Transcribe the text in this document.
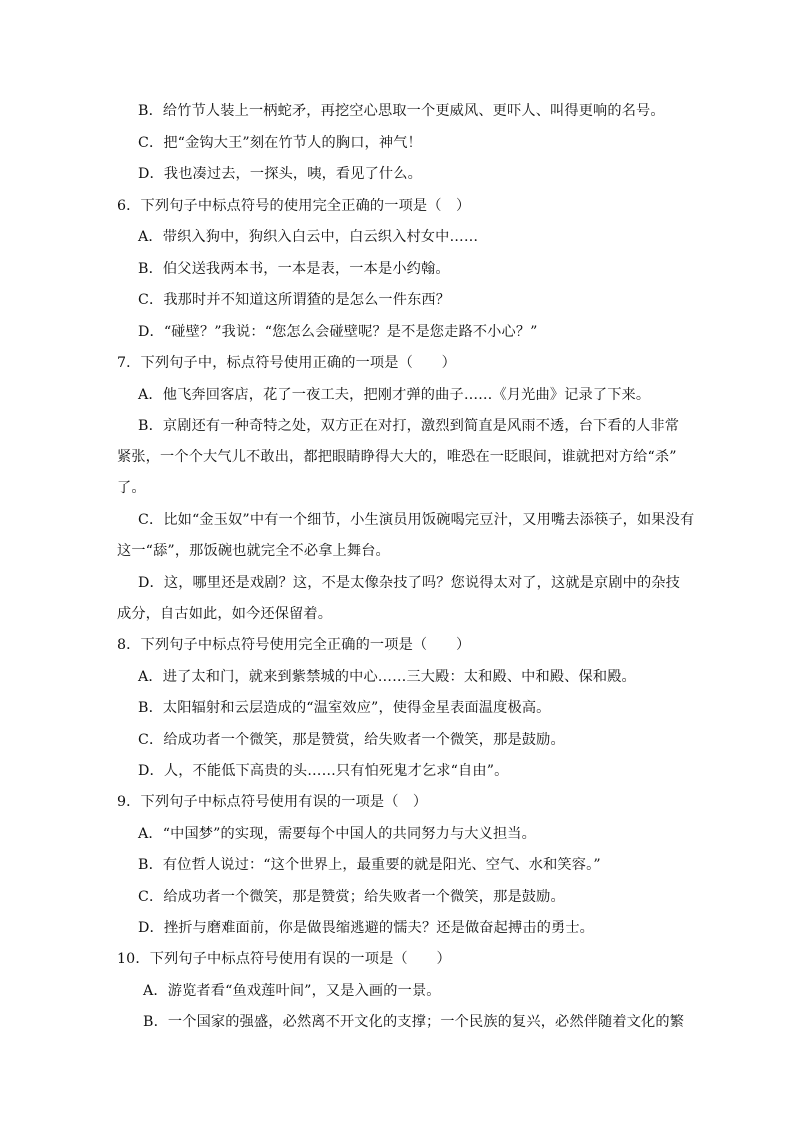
B．给竹节人装上一柄蛇矛，再挖空心思取一个更威风、更吓人、叫得更响的名号。
C．把“金钩大王”刻在竹节人的胸口，神气！
D．我也凑过去，一探头，咦，看见了什么。
6．下列句子中标点符号的使用完全正确的一项是（　）
A．带织入狗中，狗织入白云中，白云织入村女中……
B．伯父送我两本书，一本是表，一本是小约翰。
C．我那时并不知道这所谓猹的是怎么一件东西？
D．“碰壁？”我说：“您怎么会碰壁呢？是不是您走路不小心？”
7．下列句子中，标点符号使用正确的一项是（　　）
A．他飞奔回客店，花了一夜工夫，把刚才弹的曲子……《月光曲》记录了下来。
B．京剧还有一种奇特之处，双方正在对打，激烈到简直是风雨不透，台下看的人非常
紧张，一个个大气儿不敢出，都把眼睛睁得大大的，唯恐在一眨眼间，谁就把对方给“杀”
了。
C．比如“金玉奴”中有一个细节，小生演员用饭碗喝完豆汁，又用嘴去添筷子，如果没有
这一“舔”，那饭碗也就完全不必拿上舞台。
D．这，哪里还是戏剧？这，不是太像杂技了吗？您说得太对了，这就是京剧中的杂技
成分，自古如此，如今还保留着。
8．下列句子中标点符号使用完全正确的一项是（　　）
A．进了太和门，就来到紫禁城的中心……三大殿：太和殿、中和殿、保和殿。
B．太阳辐射和云层造成的“温室效应”，使得金星表面温度极高。
C．给成功者一个微笑，那是赞赏，给失败者一个微笑，那是鼓励。
D．人，不能低下高贵的头……只有怕死鬼才乞求“自由”。
9．下列句子中标点符号使用有误的一项是（　）
A．“中国梦”的实现，需要每个中国人的共同努力与大义担当。
B．有位哲人说过：“这个世界上，最重要的就是阳光、空气、水和笑容。”
C．给成功者一个微笑，那是赞赏；给失败者一个微笑，那是鼓励。
D．挫折与磨难面前，你是做畏缩逃避的懦夫？还是做奋起搏击的勇士。
10．下列句子中标点符号使用有误的一项是（　　）
A．游览者看“鱼戏莲叶间”，又是入画的一景。
B．一个国家的强盛，必然离不开文化的支撑；一个民族的复兴，必然伴随着文化的繁
